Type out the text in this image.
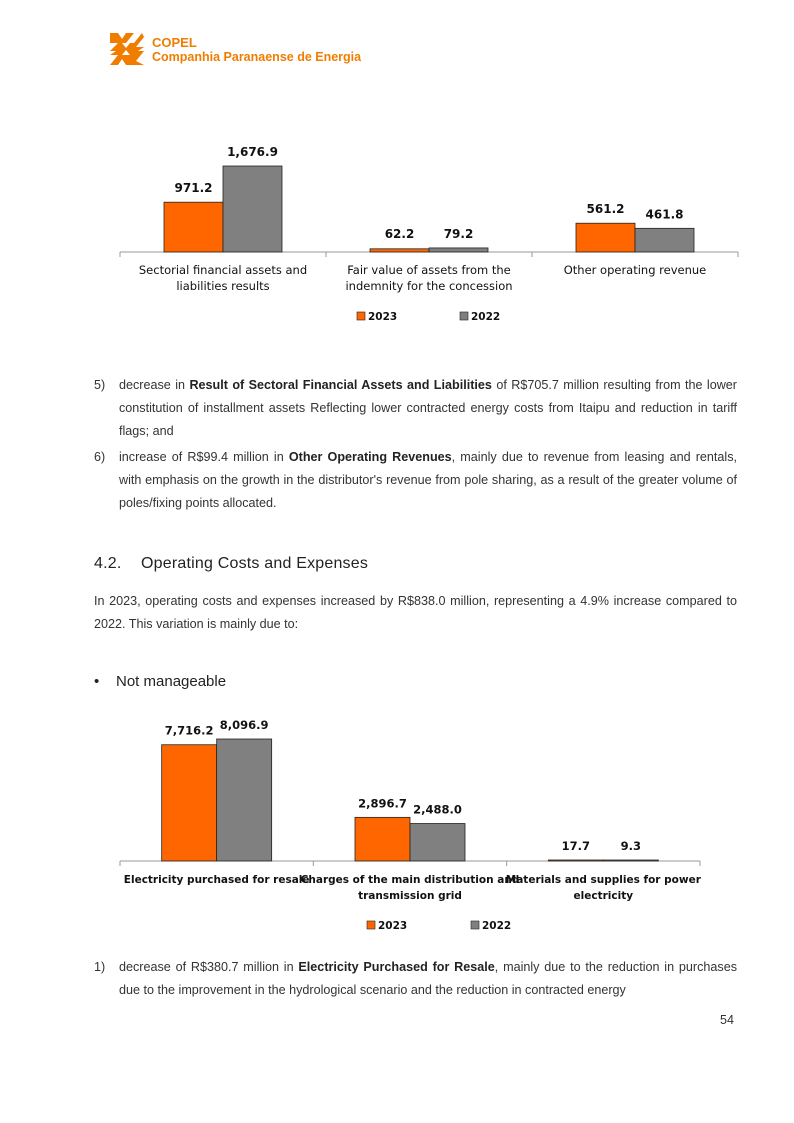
COPEL
Companhia Paranaense de Energia
971.2
1,676.9
Sectorial financial assets and
liabilities results
62.2 79.2
Fair value of assets from the
indemnity for the concession
561.2 461.8
Other operating revenue
2023	2022
5) decrease in Result of Sectoral Financial Assets and Liabilities of R$705.7 million resulting from the lower constitution of installment assets Reflecting lower contracted energy costs from Itaipu and reduction in tariff flags; and
6) increase of R$99.4 million in Other Operating Revenues, mainly due to revenue from leasing and rentals, with emphasis on the growth in the distributor's revenue from pole sharing, as a result of the greater volume of poles/fixing points allocated.
4.2. Operating Costs and Expenses
In 2023, operating costs and expenses increased by R$838.0 million, representing a 4.9% increase compared to 2022. This variation is mainly due to:
• Not manageable
7,716.2 8,096.9
Electricity purchased for resale
2,896.7 2,488.0
Charges of the main distribution and
transmission grid
17.7	9.3
Materials and supplies for power
electricity
2023	2022
1) decrease of R$380.7 million in Electricity Purchased for Resale, mainly due to the reduction in purchases due to the improvement in the hydrological scenario and the reduction in contracted energy
54
